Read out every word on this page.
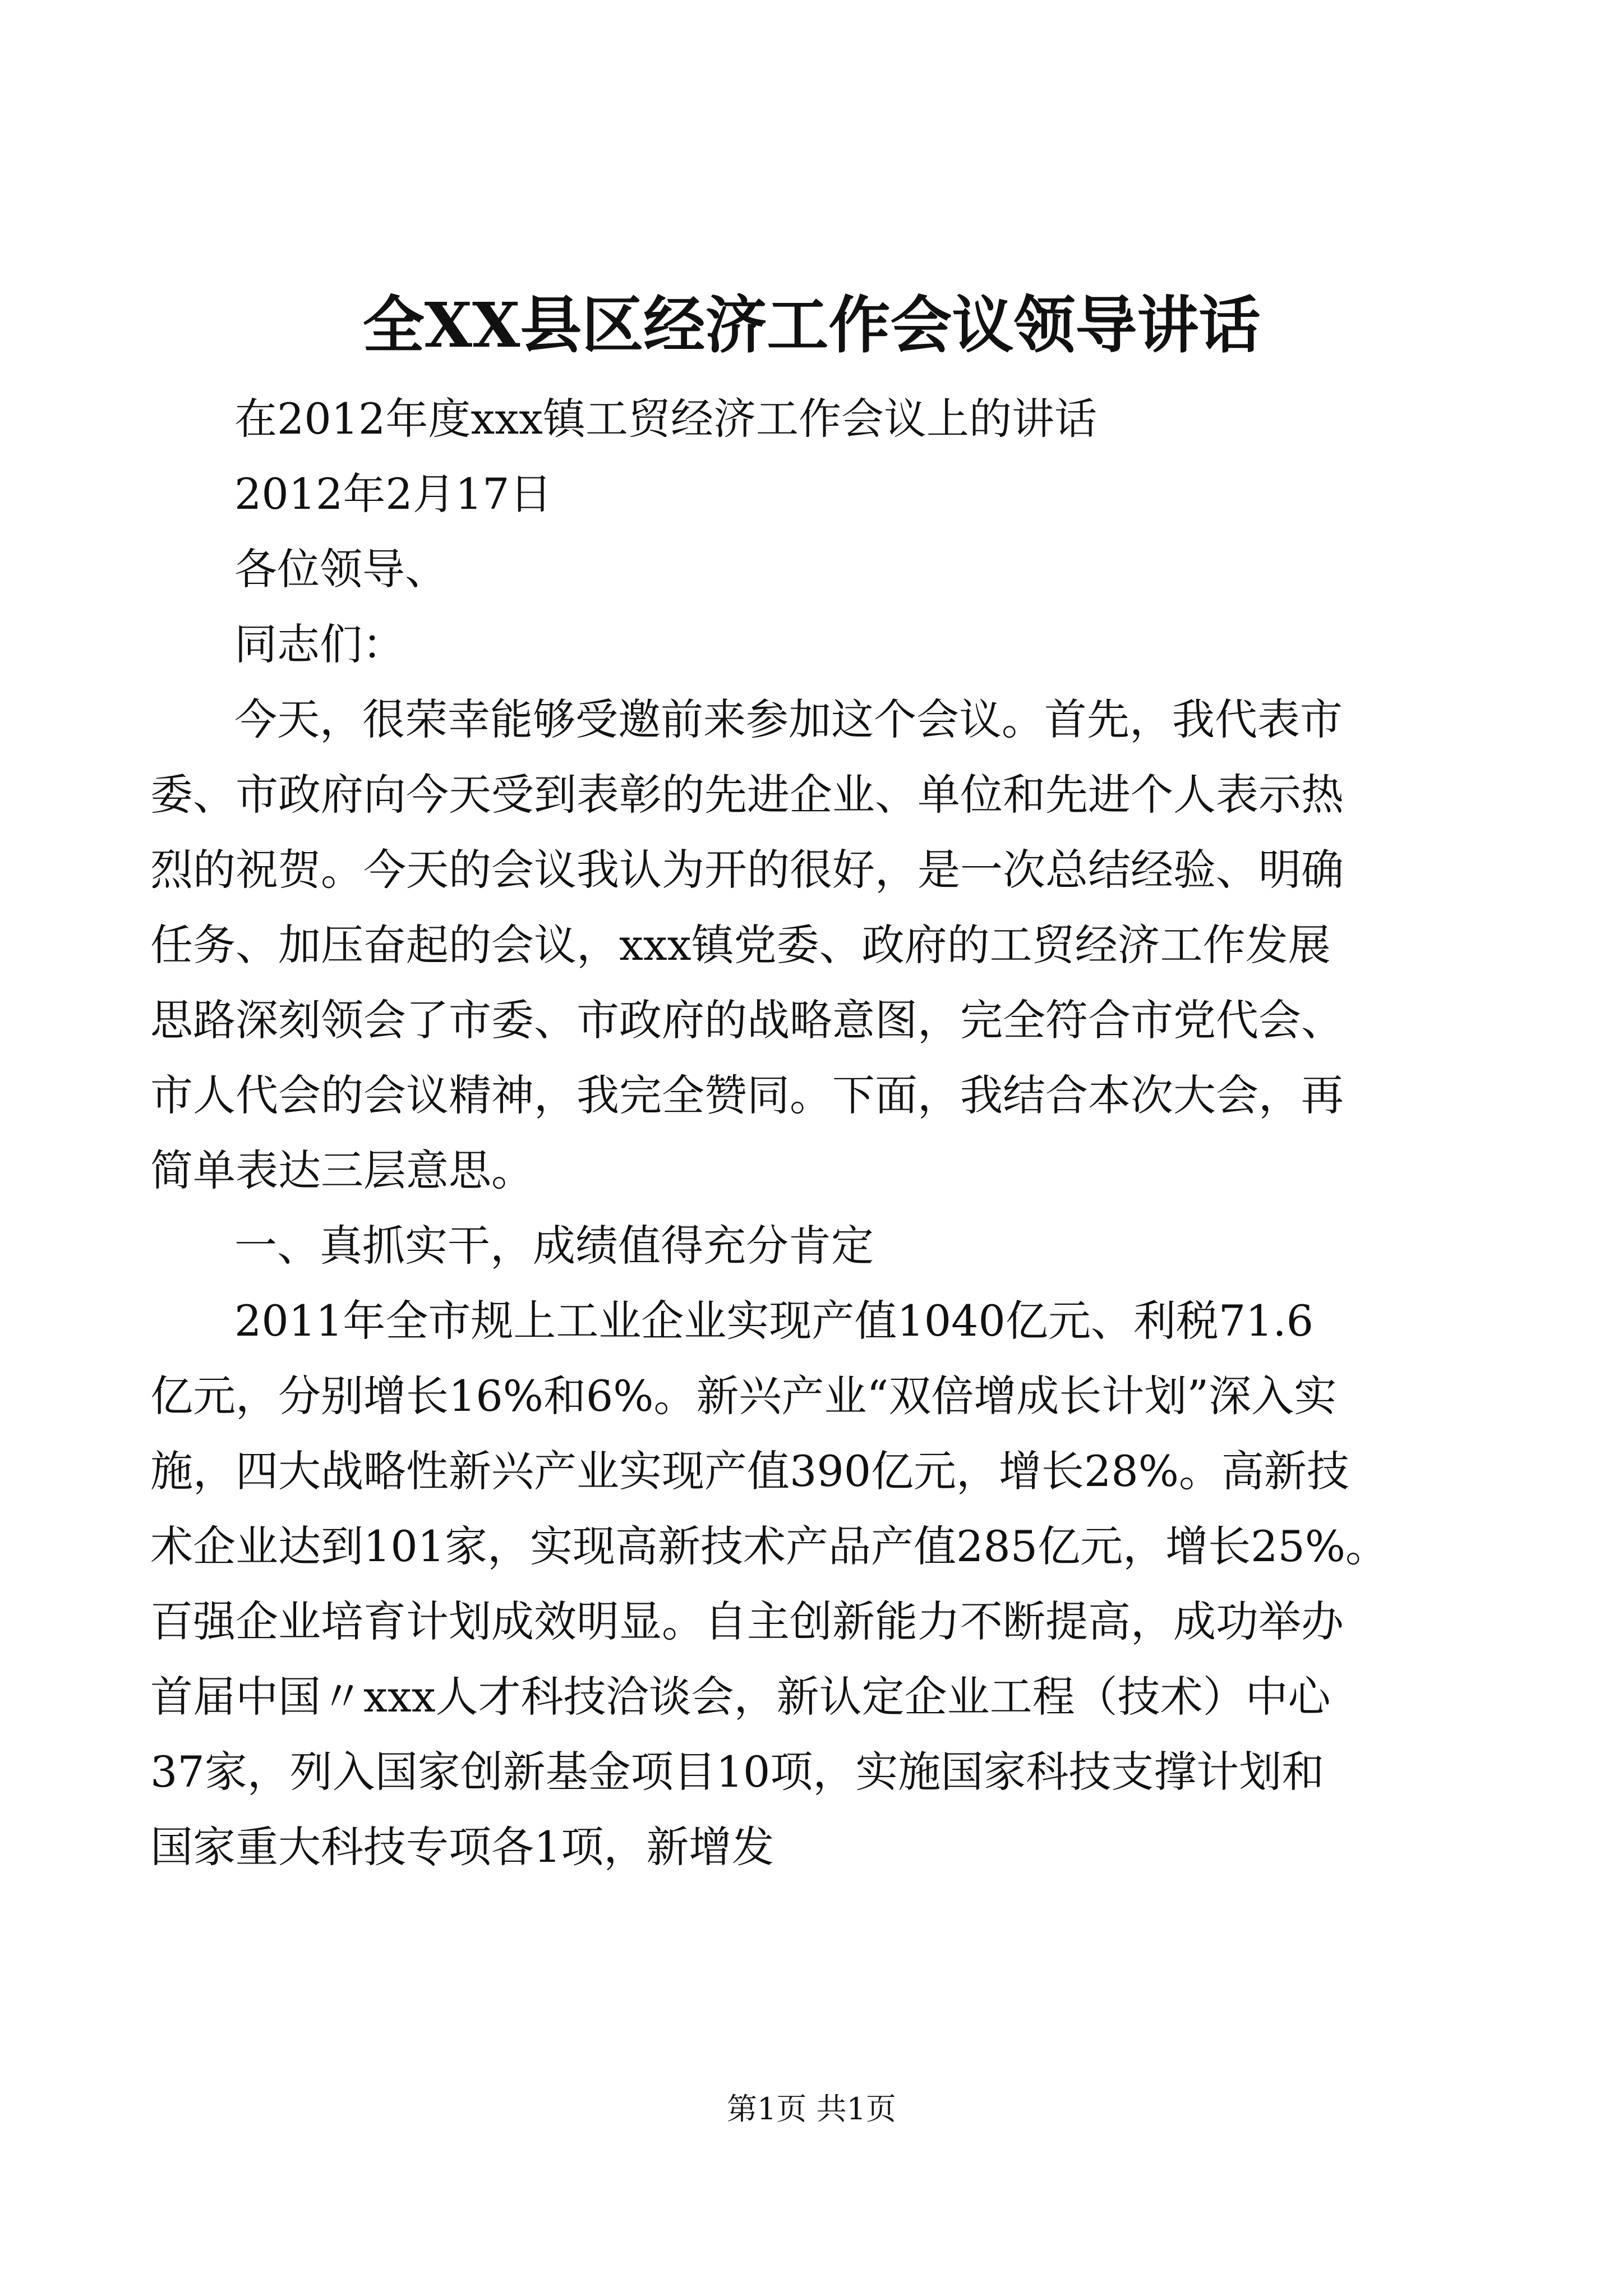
全XX县区经济工作会议领导讲话

在2012年度xxx镇工贸经济工作会议上的讲话

2012年2月17日

各位领导、

同志们：

今天，很荣幸能够受邀前来参加这个会议。首先，我代表市

委、市政府向今天受到表彰的先进企业、单位和先进个人表示热

烈的祝贺。今天的会议我认为开的很好，是一次总结经验、明确

任务、加压奋起的会议，xxx镇党委、政府的工贸经济工作发展

思路深刻领会了市委、市政府的战略意图，完全符合市党代会、

市人代会的会议精神，我完全赞同。下面，我结合本次大会，再

简单表达三层意思。

一、真抓实干，成绩值得充分肯定

2011年全市规上工业企业实现产值1040亿元、利税71.6

亿元，分别增长16%和6%。新兴产业“双倍增成长计划”深入实

施，四大战略性新兴产业实现产值390亿元，增长28%。高新技

术企业达到101家，实现高新技术产品产值285亿元，增长25%。

百强企业培育计划成效明显。自主创新能力不断提高，成功举办

首届中国〃xxx人才科技洽谈会，新认定企业工程（技术）中心

37家，列入国家创新基金项目10项，实施国家科技支撑计划和

国家重大科技专项各1项，新增发

第1页 共1页
